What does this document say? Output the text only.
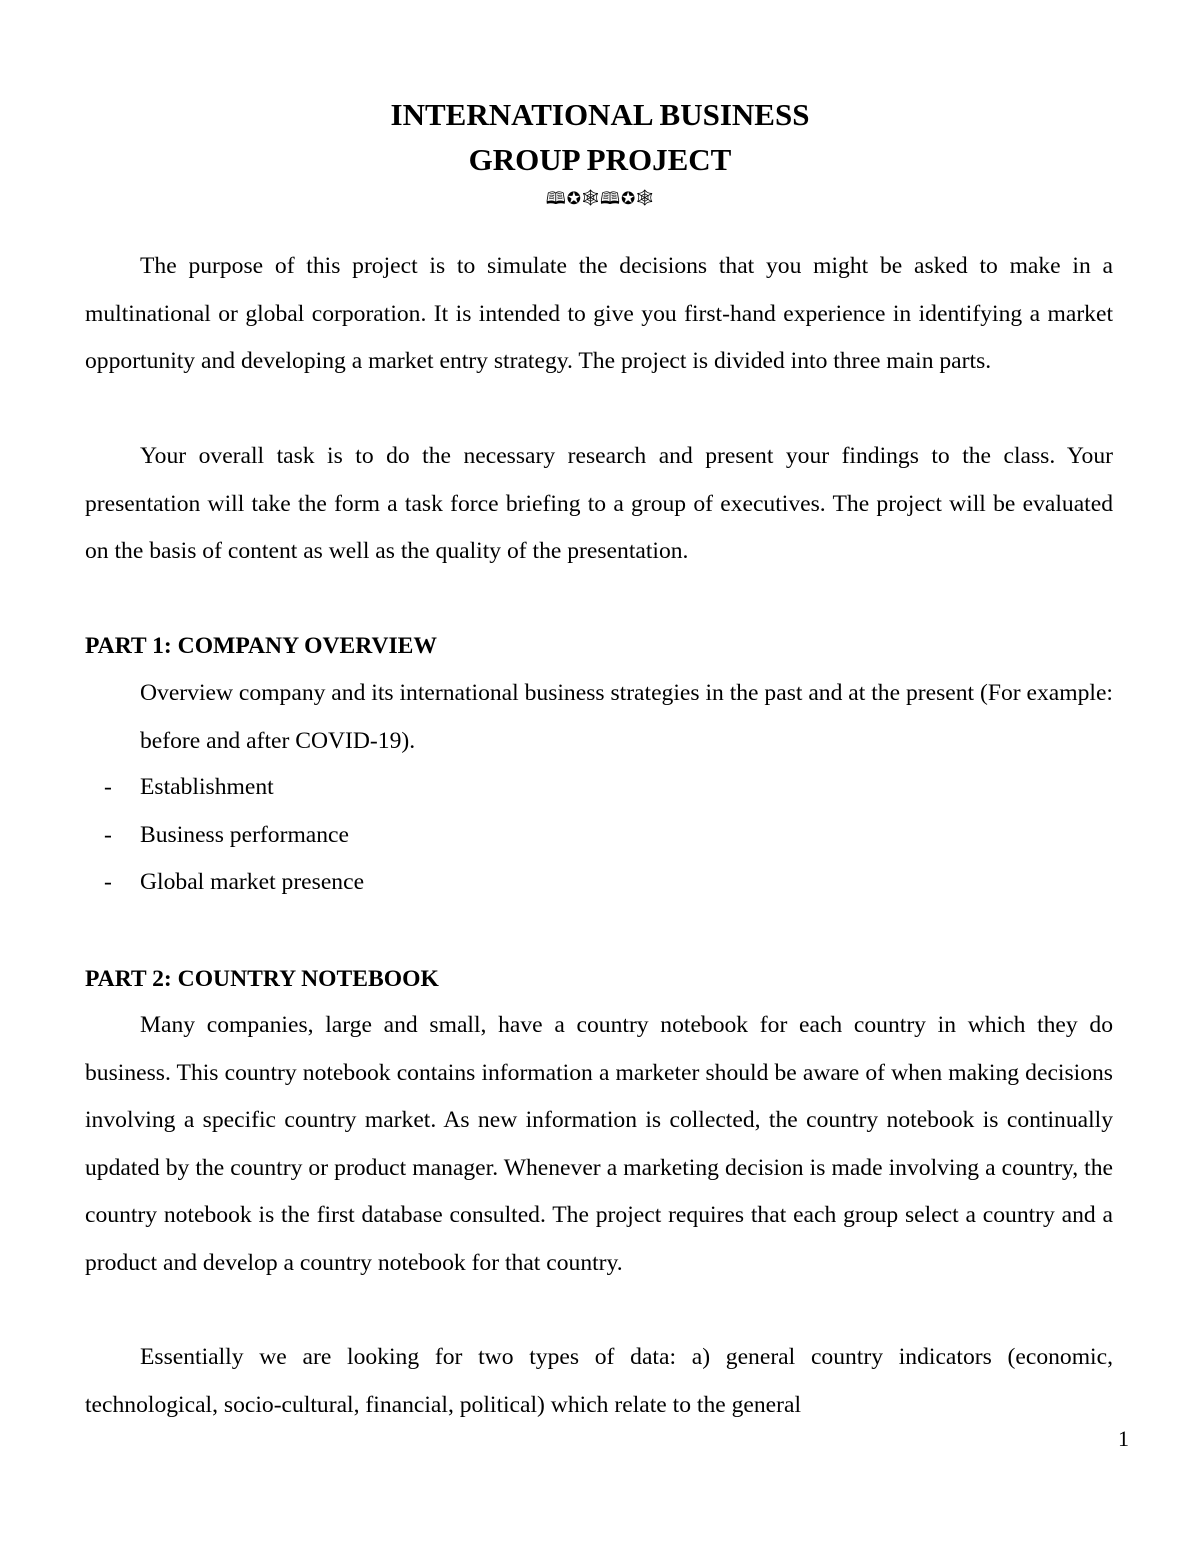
INTERNATIONAL BUSINESS
GROUP PROJECT
🕮✪🕸🕮✪🕸

The purpose of this project is to simulate the decisions that you might be asked to make in a multinational or global corporation. It is intended to give you first-hand experience in identifying a market opportunity and developing a market entry strategy. The project is divided into three main parts.

Your overall task is to do the necessary research and present your findings to the class. Your presentation will take the form a task force briefing to a group of executives. The project will be evaluated on the basis of content as well as the quality of the presentation.

PART 1: COMPANY OVERVIEW

Overview company and its international business strategies in the past and at the present (For example: before and after COVID-19).

- Establishment
- Business performance
- Global market presence
PART 2: COUNTRY NOTEBOOK

Many companies, large and small, have a country notebook for each country in which they do business. This country notebook contains information a marketer should be aware of when making decisions involving a specific country market. As new information is collected, the country notebook is continually updated by the country or product manager. Whenever a marketing decision is made involving a country, the country notebook is the first database consulted. The project requires that each group select a country and a product and develop a country notebook for that country.

Essentially we are looking for two types of data: a) general country indicators (economic, technological, socio-cultural, financial, political) which relate to the general

1
